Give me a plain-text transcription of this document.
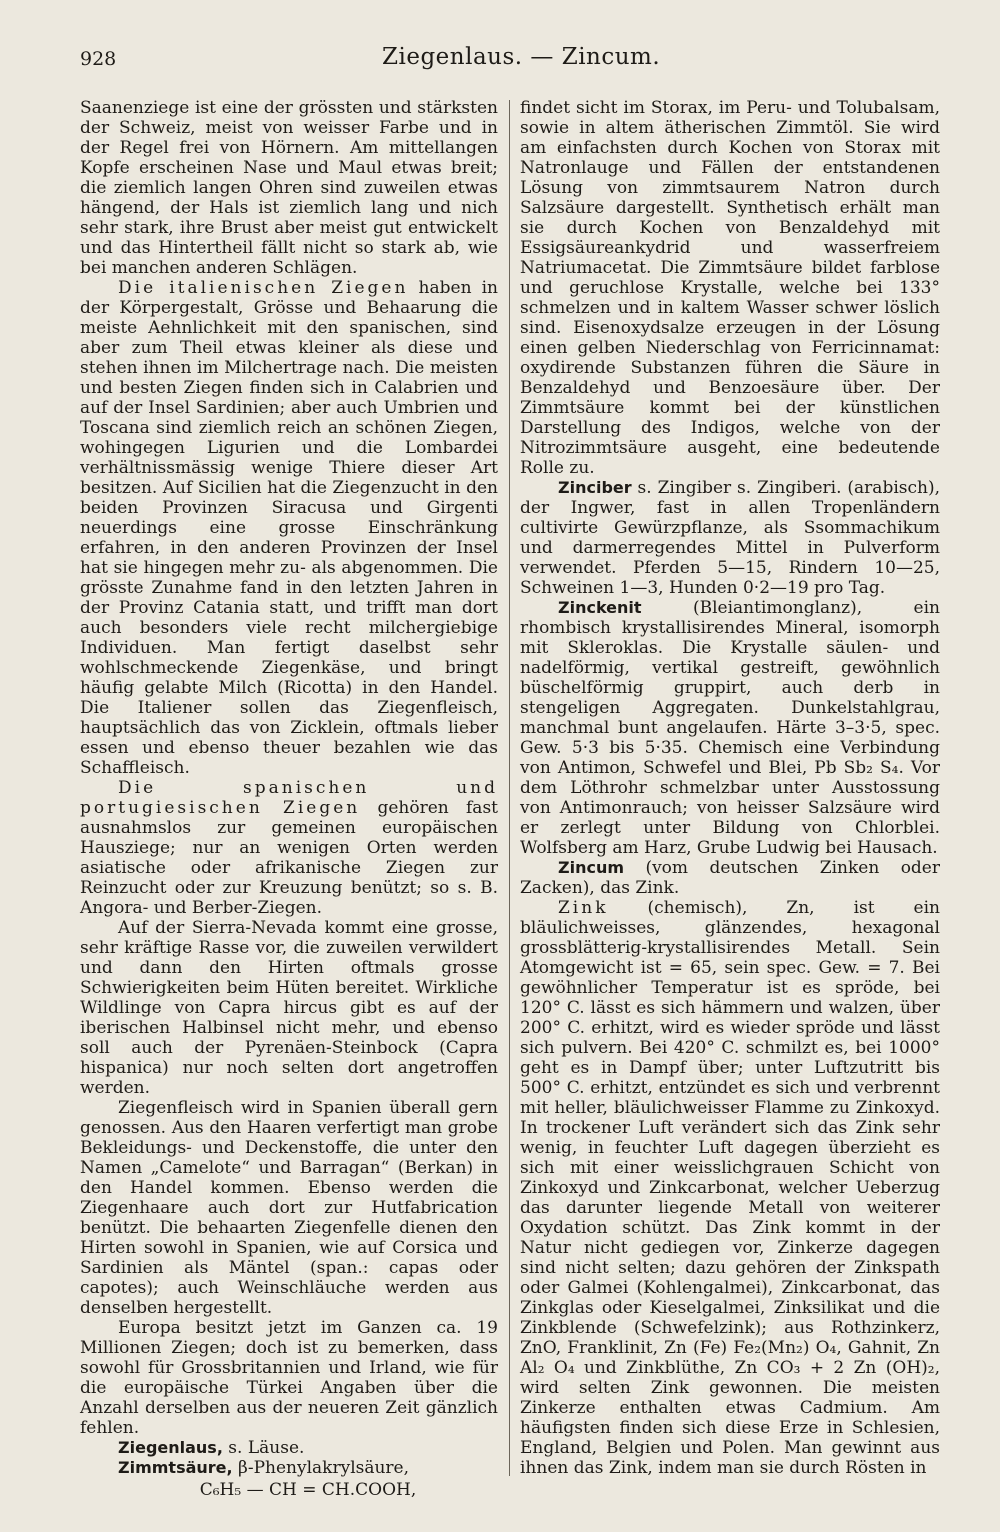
928	Ziegenlaus. — Zincum.

Saanenziege ist eine der grössten und stärksten der Schweiz, meist von weisser Farbe und in der Regel frei von Hörnern. Am mittellangen Kopfe erscheinen Nase und Maul etwas breit; die ziemlich langen Ohren sind zuweilen etwas hängend, der Hals ist ziemlich lang und nich sehr stark, ihre Brust aber meist gut entwickelt und das Hintertheil fällt nicht so stark ab, wie bei manchen anderen Schlägen.

Die italienischen Ziegen haben in der Körpergestalt, Grösse und Behaarung die meiste Aehnlichkeit mit den spanischen, sind aber zum Theil etwas kleiner als diese und stehen ihnen im Milchertrage nach. Die meisten und besten Ziegen finden sich in Calabrien und auf der Insel Sardinien; aber auch Umbrien und Toscana sind ziemlich reich an schönen Ziegen, wohingegen Ligurien und die Lombardei verhältnissmässig wenige Thiere dieser Art besitzen. Auf Sicilien hat die Ziegenzucht in den beiden Provinzen Siracusa und Girgenti neuerdings eine grosse Einschränkung erfahren, in den anderen Provinzen der Insel hat sie hingegen mehr zu- als abgenommen. Die grösste Zunahme fand in den letzten Jahren in der Provinz Catania statt, und trifft man dort auch besonders viele recht milchergiebige Individuen. Man fertigt daselbst sehr wohlschmeckende Ziegenkäse, und bringt häufig gelabte Milch (Ricotta) in den Handel. Die Italiener sollen das Ziegenfleisch, hauptsächlich das von Zicklein, oftmals lieber essen und ebenso theuer bezahlen wie das Schaffleisch.

Die spanischen und portugiesischen Ziegen gehören fast ausnahmslos zur gemeinen europäischen Hausziege; nur an wenigen Orten werden asiatische oder afrikanische Ziegen zur Reinzucht oder zur Kreuzung benützt; so s. B. Angora- und Berber-Ziegen.

Auf der Sierra-Nevada kommt eine grosse, sehr kräftige Rasse vor, die zuweilen verwildert und dann den Hirten oftmals grosse Schwierigkeiten beim Hüten bereitet. Wirkliche Wildlinge von Capra hircus gibt es auf der iberischen Halbinsel nicht mehr, und ebenso soll auch der Pyrenäen-Steinbock (Capra hispanica) nur noch selten dort angetroffen werden.

Ziegenfleisch wird in Spanien überall gern genossen. Aus den Haaren verfertigt man grobe Bekleidungs- und Deckenstoffe, die unter den Namen „Camelote“ und Barragan“ (Berkan) in den Handel kommen. Ebenso werden die Ziegenhaare auch dort zur Hutfabrication benützt. Die behaarten Ziegenfelle dienen den Hirten sowohl in Spanien, wie auf Corsica und Sardinien als Mäntel (span.: capas oder capotes); auch Weinschläuche werden aus denselben hergestellt.

Europa besitzt jetzt im Ganzen ca. 19 Millionen Ziegen; doch ist zu bemerken, dass sowohl für Grossbritannien und Irland, wie für die europäische Türkei Angaben über die Anzahl derselben aus der neueren Zeit gänzlich fehlen.

Ziegenlaus, s. Läuse.

Zimmtsäure, β-Phenylakrylsäure,
C₆H₅ — CH = CH.COOH,

findet sicht im Storax, im Peru- und Tolubalsam, sowie in altem ätherischen Zimmtöl. Sie wird am einfachsten durch Kochen von Storax mit Natronlauge und Fällen der entstandenen Lösung von zimmtsaurem Natron durch Salzsäure dargestellt. Synthetisch erhält man sie durch Kochen von Benzaldehyd mit Essigsäureankydrid und wasserfreiem Natriumacetat. Die Zimmtsäure bildet farblose und geruchlose Krystalle, welche bei 133° schmelzen und in kaltem Wasser schwer löslich sind. Eisenoxydsalze erzeugen in der Lösung einen gelben Niederschlag von Ferricinnamat: oxydirende Substanzen führen die Säure in Benzaldehyd und Benzoesäure über. Der Zimmtsäure kommt bei der künstlichen Darstellung des Indigos, welche von der Nitrozimmtsäure ausgeht, eine bedeutende Rolle zu.

Zinciber s. Zingiber s. Zingiberi. (arabisch), der Ingwer, fast in allen Tropenländern cultivirte Gewürzpflanze, als Ssommachikum und darmerregendes Mittel in Pulverform verwendet. Pferden 5—15, Rindern 10—25, Schweinen 1—3, Hunden 0·2—19 pro Tag.

Zinckenit (Bleiantimonglanz), ein rhombisch krystallisirendes Mineral, isomorph mit Skleroklas. Die Krystalle säulen- und nadelförmig, vertikal gestreift, gewöhnlich büschelförmig gruppirt, auch derb in stengeligen Aggregaten. Dunkelstahlgrau, manchmal bunt angelaufen. Härte 3–3·5, spec. Gew. 5·3 bis 5·35. Chemisch eine Verbindung von Antimon, Schwefel und Blei, Pb Sb₂ S₄. Vor dem Löthrohr schmelzbar unter Ausstossung von Antimonrauch; von heisser Salzsäure wird er zerlegt unter Bildung von Chlorblei. Wolfsberg am Harz, Grube Ludwig bei Hausach.

Zincum (vom deutschen Zinken oder Zacken), das Zink.

Zink (chemisch), Zn, ist ein bläulichweisses, glänzendes, hexagonal grossblätterig-krystallisirendes Metall. Sein Atomgewicht ist = 65, sein spec. Gew. = 7. Bei gewöhnlicher Temperatur ist es spröde, bei 120° C. lässt es sich hämmern und walzen, über 200° C. erhitzt, wird es wieder spröde und lässt sich pulvern. Bei 420° C. schmilzt es, bei 1000° geht es in Dampf über; unter Luftzutritt bis 500° C. erhitzt, entzündet es sich und verbrennt mit heller, bläulichweisser Flamme zu Zinkoxyd. In trockener Luft verändert sich das Zink sehr wenig, in feuchter Luft dagegen überzieht es sich mit einer weisslichgrauen Schicht von Zinkoxyd und Zinkcarbonat, welcher Ueberzug das darunter liegende Metall von weiterer Oxydation schützt. Das Zink kommt in der Natur nicht gediegen vor, Zinkerze dagegen sind nicht selten; dazu gehören der Zinkspath oder Galmei (Kohlengalmei), Zinkcarbonat, das Zinkglas oder Kieselgalmei, Zinksilikat und die Zinkblende (Schwefelzink); aus Rothzinkerz, ZnO, Franklinit, Zn (Fe) Fe₂(Mn₂) O₄, Gahnit, Zn Al₂ O₄ und Zinkblüthe, Zn CO₃ + 2 Zn (OH)₂, wird selten Zink gewonnen. Die meisten Zinkerze enthalten etwas Cadmium. Am häufigsten finden sich diese Erze in Schlesien, England, Belgien und Polen. Man gewinnt aus ihnen das Zink, indem man sie durch Rösten in
